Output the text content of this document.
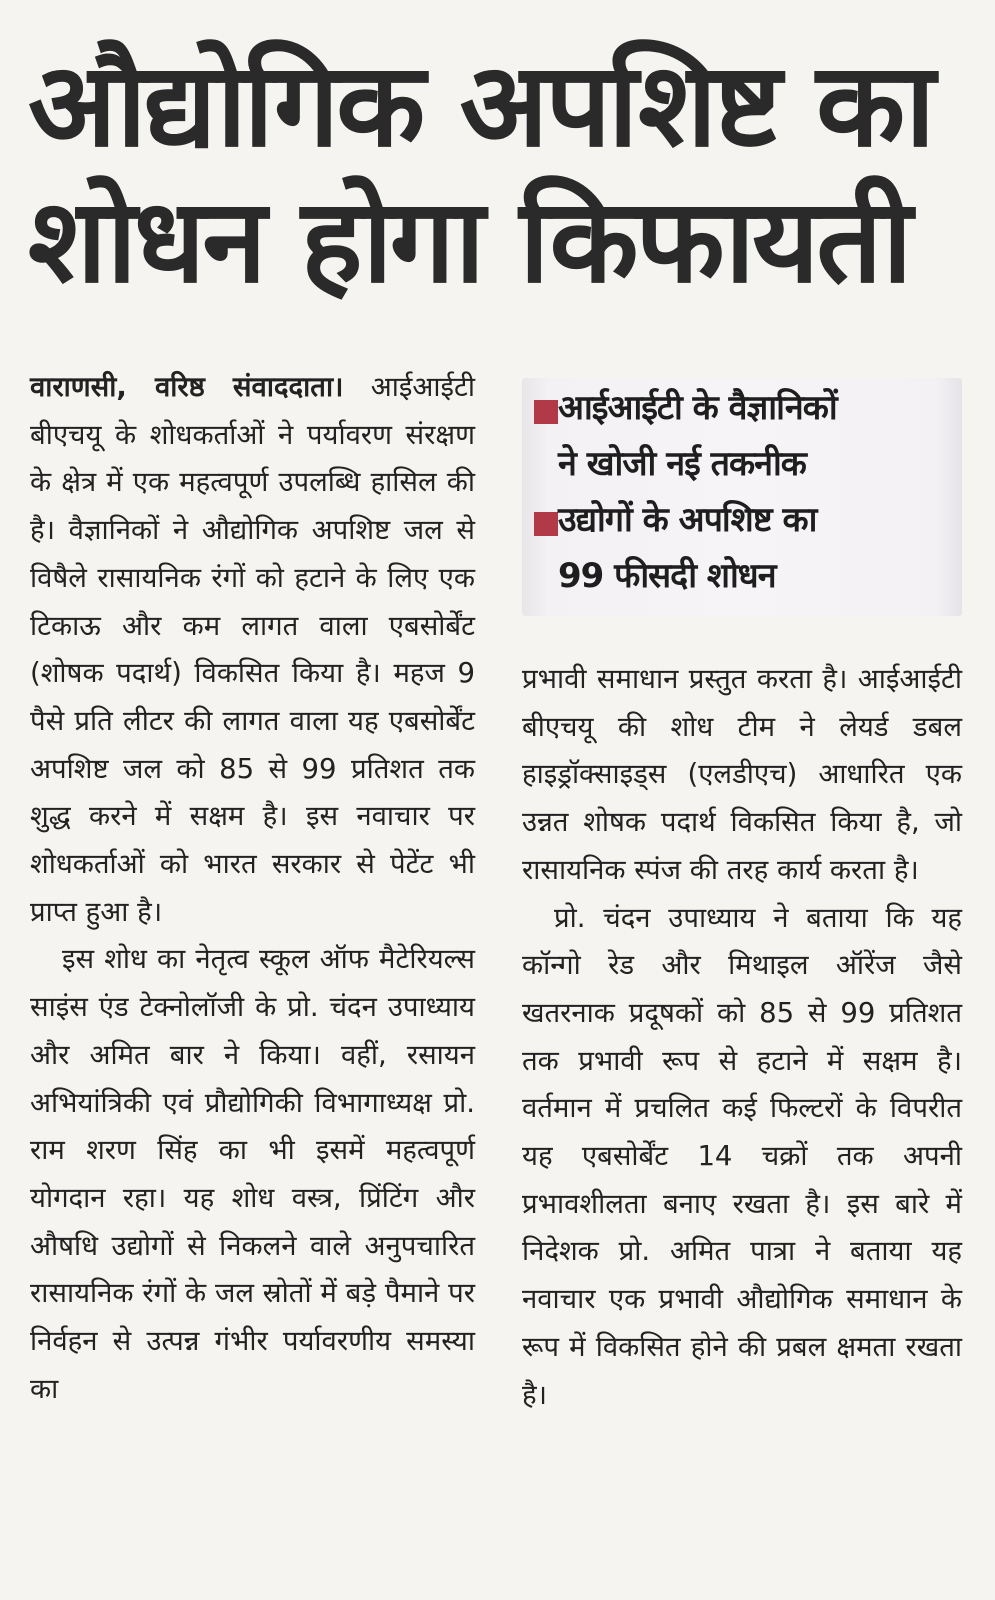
औद्योगिक अपशिष्ट का
शोधन होगा किफायती

वाराणसी, वरिष्ठ संवाददाता। आईआईटी बीएचयू के शोधकर्ताओं ने पर्यावरण संरक्षण के क्षेत्र में एक महत्वपूर्ण उपलब्धि हासिल की है। वैज्ञानिकों ने औद्योगिक अपशिष्ट जल से विषैले रासायनिक रंगों को हटाने के लिए एक टिकाऊ और कम लागत वाला एबसोर्बेंट (शोषक पदार्थ) विकसित किया है। महज 9 पैसे प्रति लीटर की लागत वाला यह एबसोर्बेंट अपशिष्ट जल को 85 से 99 प्रतिशत तक शुद्ध करने में सक्षम है। इस नवाचार पर शोधकर्ताओं को भारत सरकार से पेटेंट भी प्राप्त हुआ है।

इस शोध का नेतृत्व स्कूल ऑफ मैटेरियल्स साइंस एंड टेक्नोलॉजी के प्रो. चंदन उपाध्याय और अमित बार ने किया। वहीं, रसायन अभियांत्रिकी एवं प्रौद्योगिकी विभागाध्यक्ष प्रो. राम शरण सिंह का भी इसमें महत्वपूर्ण योगदान रहा। यह शोध वस्त्र, प्रिंटिंग और औषधि उद्योगों से निकलने वाले अनुपचारित रासायनिक रंगों के जल स्रोतों में बड़े पैमाने पर निर्वहन से उत्पन्न गंभीर पर्यावरणीय समस्या का

आईआईटी के वैज्ञानिकों
ने खोजी नई तकनीक
उद्योगों के अपशिष्ट का
99 फीसदी शोधन

प्रभावी समाधान प्रस्तुत करता है। आईआईटी बीएचयू की शोध टीम ने लेयर्ड डबल हाइड्रॉक्साइड्स (एलडीएच) आधारित एक उन्नत शोषक पदार्थ विकसित किया है, जो रासायनिक स्पंज की तरह कार्य करता है।

प्रो. चंदन उपाध्याय ने बताया कि यह कॉन्गो रेड और मिथाइल ऑरेंज जैसे खतरनाक प्रदूषकों को 85 से 99 प्रतिशत तक प्रभावी रूप से हटाने में सक्षम है। वर्तमान में प्रचलित कई फिल्टरों के विपरीत यह एबसोर्बेंट 14 चक्रों तक अपनी प्रभावशीलता बनाए रखता है। इस बारे में निदेशक प्रो. अमित पात्रा ने बताया यह नवाचार एक प्रभावी औद्योगिक समाधान के रूप में विकसित होने की प्रबल क्षमता रखता है।
